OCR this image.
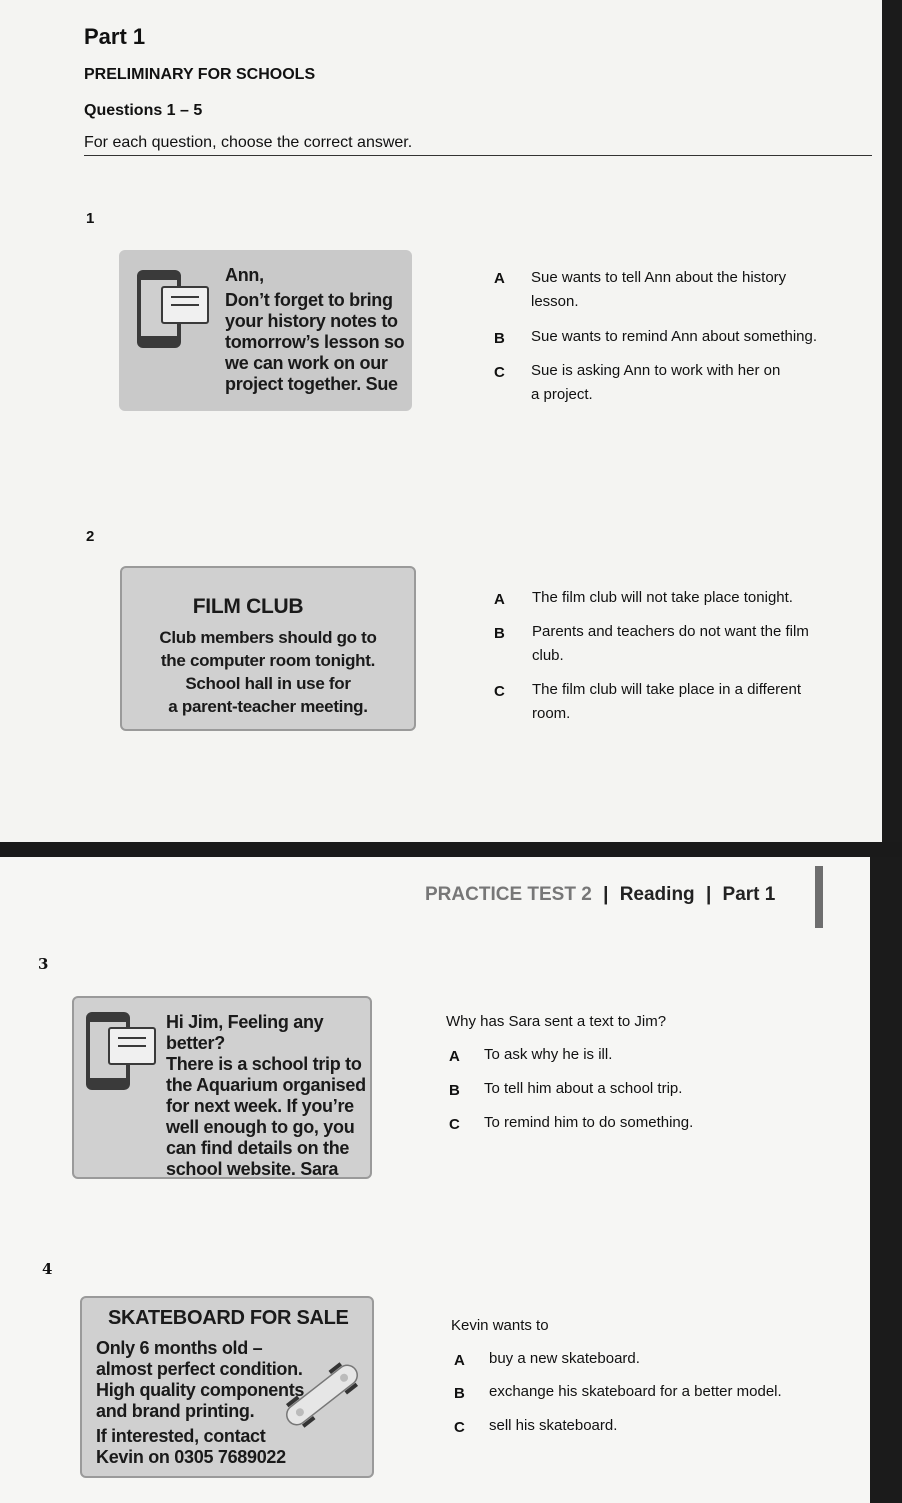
Part 1
PRELIMINARY FOR SCHOOLS
Questions 1 – 5
For each question, choose the correct answer.
1
Ann,
Don’t forget to bring
your history notes to
tomorrow’s lesson so
we can work on our
project together. Sue
A Sue wants to tell Ann about the history
lesson.
B Sue wants to remind Ann about something.
C Sue is asking Ann to work with her on
a project.
2
FILM CLUB
Club members should go to
the computer room tonight.
School hall in use for
a parent-teacher meeting.
A The film club will not take place tonight.
B Parents and teachers do not want the film
club.
C The film club will take place in a different
room.
PRACTICE TEST 2 | Reading | Part 1
3
Hi Jim, Feeling any better?
There is a school trip to
the Aquarium organised
for next week. If you’re
well enough to go, you
can find details on the
school website. Sara
Why has Sara sent a text to Jim?
A To ask why he is ill.
B To tell him about a school trip.
C To remind him to do something.
4
SKATEBOARD FOR SALE
Only 6 months old –
almost perfect condition.
High quality components
and brand printing.
If interested, contact
Kevin on 0305 7689022
Kevin wants to
A buy a new skateboard.
B exchange his skateboard for a better model.
C sell his skateboard.
